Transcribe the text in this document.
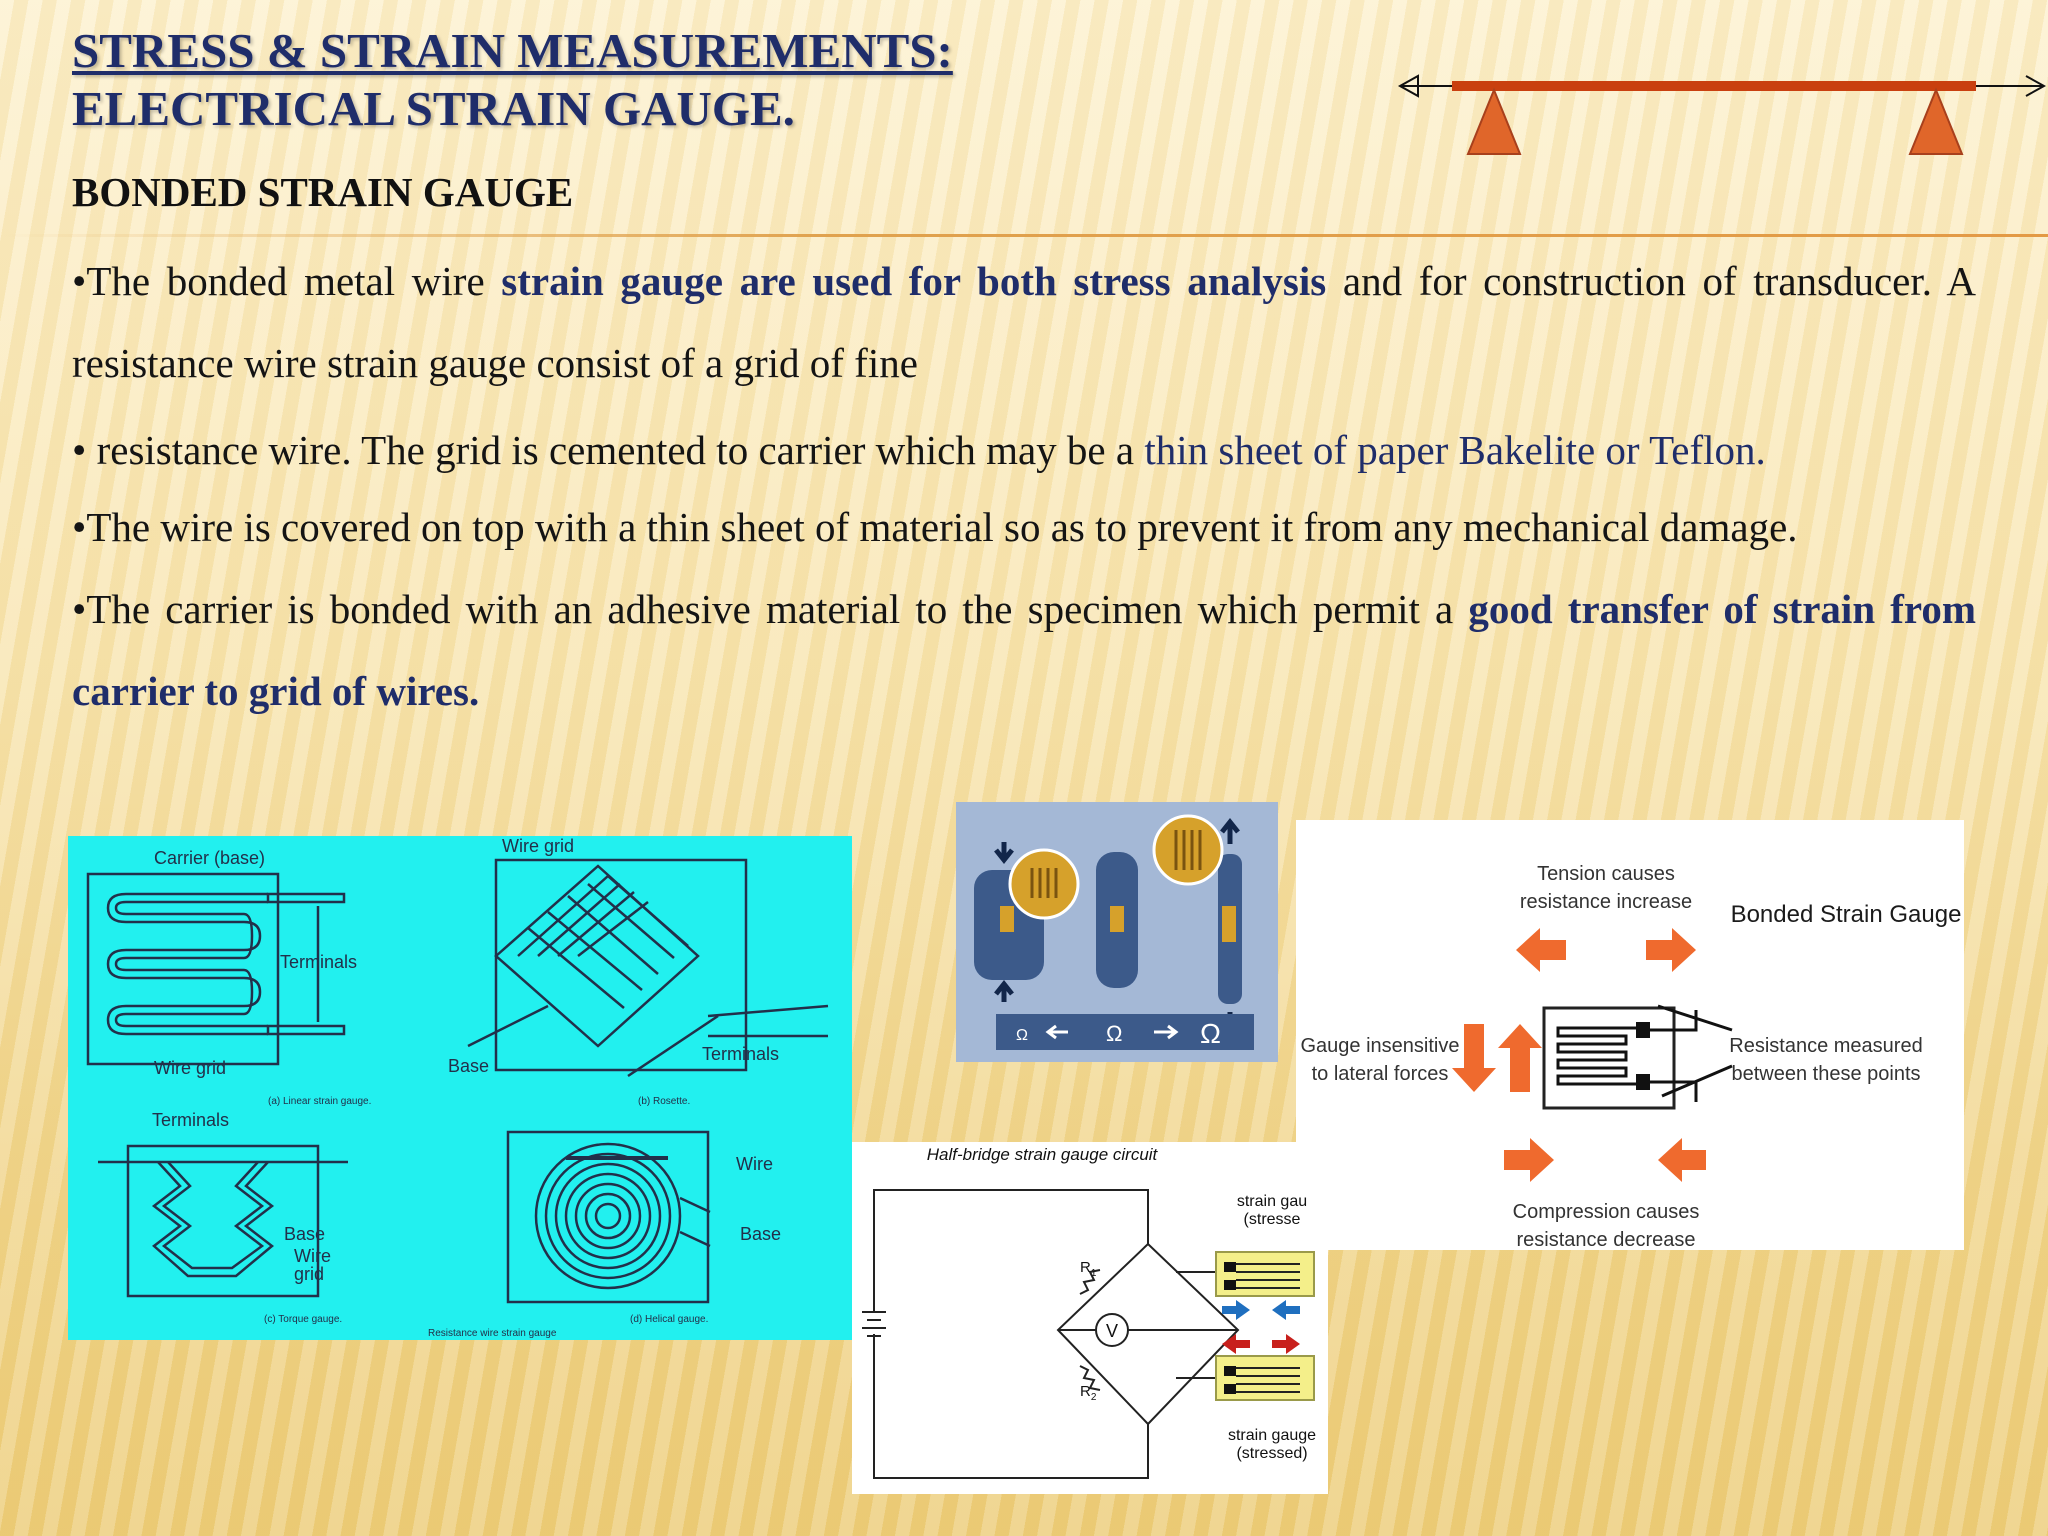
STRESS & STRAIN MEASUREMENTS:
ELECTRICAL STRAIN GAUGE.
BONDED STRAIN GAUGE

•The bonded metal wire strain gauge are used for both stress analysis and for construction of transducer. A resistance wire strain gauge consist of a grid of fine

• resistance wire. The grid is cemented to carrier which may be a thin sheet of paper Bakelite or Teflon.

•The wire is covered on top with a thin sheet of material so as to prevent it from any mechanical damage.

•The carrier is bonded with an adhesive material to the specimen which permit a good transfer of strain from carrier to grid of wires.

Carrier (base)
Wire grid
Terminals
Wire grid	Base
Terminals
(a) Linear strain gauge.	(b) Rosette.
Terminals
Base
Wire
grid
Wire
Base
(c) Torque gauge.	(d) Helical gauge.
Resistance wire strain gauge
Ω	Ω	Ω
Tension causes
resistance increase
Gauge insensitive
to lateral forces
Resistance measured
between these points
Compression causes
resistance decrease
Bonded Strain Gauge
Half-bridge strain gauge circuit
V
$R_1$
$R_2$
strain gau
(stresse
strain gauge
(stressed)
